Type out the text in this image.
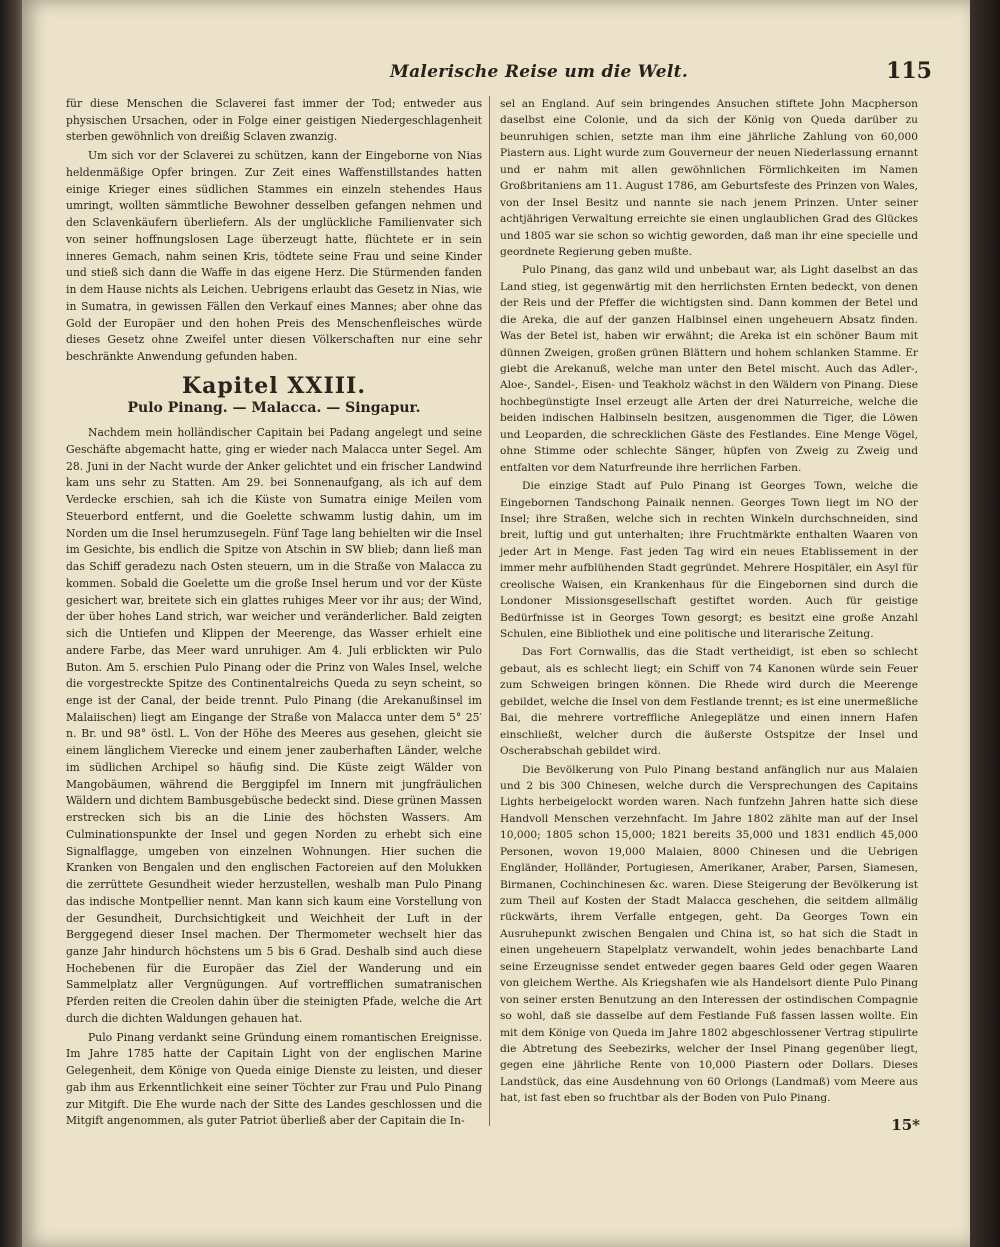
Malerische Reise um die Welt.	115

für diese Menschen die Sclaverei fast immer der Tod; entweder aus physischen Ursachen, oder in Folge einer geistigen Niedergeschlagenheit sterben gewöhnlich von dreißig Sclaven zwanzig.

Um sich vor der Sclaverei zu schützen, kann der Eingeborne von Nias heldenmäßige Opfer bringen. Zur Zeit eines Waffenstillstandes hatten einige Krieger eines südlichen Stammes ein einzeln stehendes Haus umringt, wollten sämmtliche Bewohner desselben gefangen nehmen und den Sclavenkäufern überliefern. Als der unglückliche Familienvater sich von seiner hoffnungslosen Lage überzeugt hatte, flüchtete er in sein inneres Gemach, nahm seinen Kris, tödtete seine Frau und seine Kinder und stieß sich dann die Waffe in das eigene Herz. Die Stürmenden fanden in dem Hause nichts als Leichen. Uebrigens erlaubt das Gesetz in Nias, wie in Sumatra, in gewissen Fällen den Verkauf eines Mannes; aber ohne das Gold der Europäer und den hohen Preis des Menschenfleisches würde dieses Gesetz ohne Zweifel unter diesen Völkerschaften nur eine sehr beschränkte Anwendung gefunden haben.

Kapitel XXIII.
Pulo Pinang. — Malacca. — Singapur.

Nachdem mein holländischer Capitain bei Padang angelegt und seine Geschäfte abgemacht hatte, ging er wieder nach Malacca unter Segel. Am 28. Juni in der Nacht wurde der Anker gelichtet und ein frischer Landwind kam uns sehr zu Statten. Am 29. bei Sonnenaufgang, als ich auf dem Verdecke erschien, sah ich die Küste von Sumatra einige Meilen vom Steuerbord entfernt, und die Goelette schwamm lustig dahin, um im Norden um die Insel herumzusegeln. Fünf Tage lang behielten wir die Insel im Gesichte, bis endlich die Spitze von Atschin in SW blieb; dann ließ man das Schiff geradezu nach Osten steuern, um in die Straße von Malacca zu kommen. Sobald die Goelette um die große Insel herum und vor der Küste gesichert war, breitete sich ein glattes ruhiges Meer vor ihr aus; der Wind, der über hohes Land strich, war weicher und veränderlicher. Bald zeigten sich die Untiefen und Klippen der Meerenge, das Wasser erhielt eine andere Farbe, das Meer ward unruhiger. Am 4. Juli erblickten wir Pulo Buton. Am 5. erschien Pulo Pinang oder die Prinz von Wales Insel, welche die vorgestreckte Spitze des Continentalreichs Queda zu seyn scheint, so enge ist der Canal, der beide trennt. Pulo Pinang (die Arekanußinsel im Malaiischen) liegt am Eingange der Straße von Malacca unter dem 5° 25′ n. Br. und 98° östl. L. Von der Höhe des Meeres aus gesehen, gleicht sie einem länglichem Vierecke und einem jener zauberhaften Länder, welche im südlichen Archipel so häufig sind. Die Küste zeigt Wälder von Mangobäumen, während die Berggipfel im Innern mit jungfräulichen Wäldern und dichtem Bambusgebüsche bedeckt sind. Diese grünen Massen erstrecken sich bis an die Linie des höchsten Wassers. Am Culminationspunkte der Insel und gegen Norden zu erhebt sich eine Signalflagge, umgeben von einzelnen Wohnungen. Hier suchen die Kranken von Bengalen und den englischen Factoreien auf den Molukken die zerrüttete Gesundheit wieder herzustellen, weshalb man Pulo Pinang das indische Montpellier nennt. Man kann sich kaum eine Vorstellung von der Gesundheit, Durchsichtigkeit und Weichheit der Luft in der Berggegend dieser Insel machen. Der Thermometer wechselt hier das ganze Jahr hindurch höchstens um 5 bis 6 Grad. Deshalb sind auch diese Hochebenen für die Europäer das Ziel der Wanderung und ein Sammelplatz aller Vergnügungen. Auf vortrefflichen sumatranischen Pferden reiten die Creolen dahin über die steinigten Pfade, welche die Art durch die dichten Waldungen gehauen hat.

Pulo Pinang verdankt seine Gründung einem romantischen Ereignisse. Im Jahre 1785 hatte der Capitain Light von der englischen Marine Gelegenheit, dem Könige von Queda einige Dienste zu leisten, und dieser gab ihm aus Erkenntlichkeit eine seiner Töchter zur Frau und Pulo Pinang zur Mitgift. Die Ehe wurde nach der Sitte des Landes geschlossen und die Mitgift angenommen, als guter Patriot überließ aber der Capitain die In-

sel an England. Auf sein bringendes Ansuchen stiftete John Macpherson daselbst eine Colonie, und da sich der König von Queda darüber zu beunruhigen schien, setzte man ihm eine jährliche Zahlung von 60,000 Piastern aus. Light wurde zum Gouverneur der neuen Niederlassung ernannt und er nahm mit allen gewöhnlichen Förmlichkeiten im Namen Großbritaniens am 11. August 1786, am Geburtsfeste des Prinzen von Wales, von der Insel Besitz und nannte sie nach jenem Prinzen. Unter seiner achtjährigen Verwaltung erreichte sie einen unglaublichen Grad des Glückes und 1805 war sie schon so wichtig geworden, daß man ihr eine specielle und geordnete Regierung geben mußte.

Pulo Pinang, das ganz wild und unbebaut war, als Light daselbst an das Land stieg, ist gegenwärtig mit den herrlichsten Ernten bedeckt, von denen der Reis und der Pfeffer die wichtigsten sind. Dann kommen der Betel und die Areka, die auf der ganzen Halbinsel einen ungeheuern Absatz finden. Was der Betel ist, haben wir erwähnt; die Areka ist ein schöner Baum mit dünnen Zweigen, großen grünen Blättern und hohem schlanken Stamme. Er giebt die Arekanuß, welche man unter den Betel mischt. Auch das Adler-, Aloe-, Sandel-, Eisen- und Teakholz wächst in den Wäldern von Pinang. Diese hochbegünstigte Insel erzeugt alle Arten der drei Naturreiche, welche die beiden indischen Halbinseln besitzen, ausgenommen die Tiger, die Löwen und Leoparden, die schrecklichen Gäste des Festlandes. Eine Menge Vögel, ohne Stimme oder schlechte Sänger, hüpfen von Zweig zu Zweig und entfalten vor dem Naturfreunde ihre herrlichen Farben.

Die einzige Stadt auf Pulo Pinang ist Georges Town, welche die Eingebornen Tandschong Painaik nennen. Georges Town liegt im NO der Insel; ihre Straßen, welche sich in rechten Winkeln durchschneiden, sind breit, luftig und gut unterhalten; ihre Fruchtmärkte enthalten Waaren von jeder Art in Menge. Fast jeden Tag wird ein neues Etablissement in der immer mehr aufblühenden Stadt gegründet. Mehrere Hospitäler, ein Asyl für creolische Waisen, ein Krankenhaus für die Eingebornen sind durch die Londoner Missionsgesellschaft gestiftet worden. Auch für geistige Bedürfnisse ist in Georges Town gesorgt; es besitzt eine große Anzahl Schulen, eine Bibliothek und eine politische und literarische Zeitung.

Das Fort Cornwallis, das die Stadt vertheidigt, ist eben so schlecht gebaut, als es schlecht liegt; ein Schiff von 74 Kanonen würde sein Feuer zum Schweigen bringen können. Die Rhede wird durch die Meerenge gebildet, welche die Insel von dem Festlande trennt; es ist eine unermeßliche Bai, die mehrere vortreffliche Anlegeplätze und einen innern Hafen einschließt, welcher durch die äußerste Ostspitze der Insel und Oscherabschah gebildet wird.

Die Bevölkerung von Pulo Pinang bestand anfänglich nur aus Malaien und 2 bis 300 Chinesen, welche durch die Versprechungen des Capitains Lights herbeigelockt worden waren. Nach funfzehn Jahren hatte sich diese Handvoll Menschen verzehnfacht. Im Jahre 1802 zählte man auf der Insel 10,000; 1805 schon 15,000; 1821 bereits 35,000 und 1831 endlich 45,000 Personen, wovon 19,000 Malaien, 8000 Chinesen und die Uebrigen Engländer, Holländer, Portugiesen, Amerikaner, Araber, Parsen, Siamesen, Birmanen, Cochinchinesen &c. waren. Diese Steigerung der Bevölkerung ist zum Theil auf Kosten der Stadt Malacca geschehen, die seitdem allmälig rückwärts, ihrem Verfalle entgegen, geht. Da Georges Town ein Ausruhepunkt zwischen Bengalen und China ist, so hat sich die Stadt in einen ungeheuern Stapelplatz verwandelt, wohin jedes benachbarte Land seine Erzeugnisse sendet entweder gegen baares Geld oder gegen Waaren von gleichem Werthe. Als Kriegshafen wie als Handelsort diente Pulo Pinang von seiner ersten Benutzung an den Interessen der ostindischen Compagnie so wohl, daß sie dasselbe auf dem Festlande Fuß fassen lassen wollte. Ein mit dem Könige von Queda im Jahre 1802 abgeschlossener Vertrag stipulirte die Abtretung des Seebezirks, welcher der Insel Pinang gegenüber liegt, gegen eine jährliche Rente von 10,000 Piastern oder Dollars. Dieses Landstück, das eine Ausdehnung von 60 Orlongs (Landmaß) vom Meere aus hat, ist fast eben so fruchtbar als der Boden von Pulo Pinang.

15*
